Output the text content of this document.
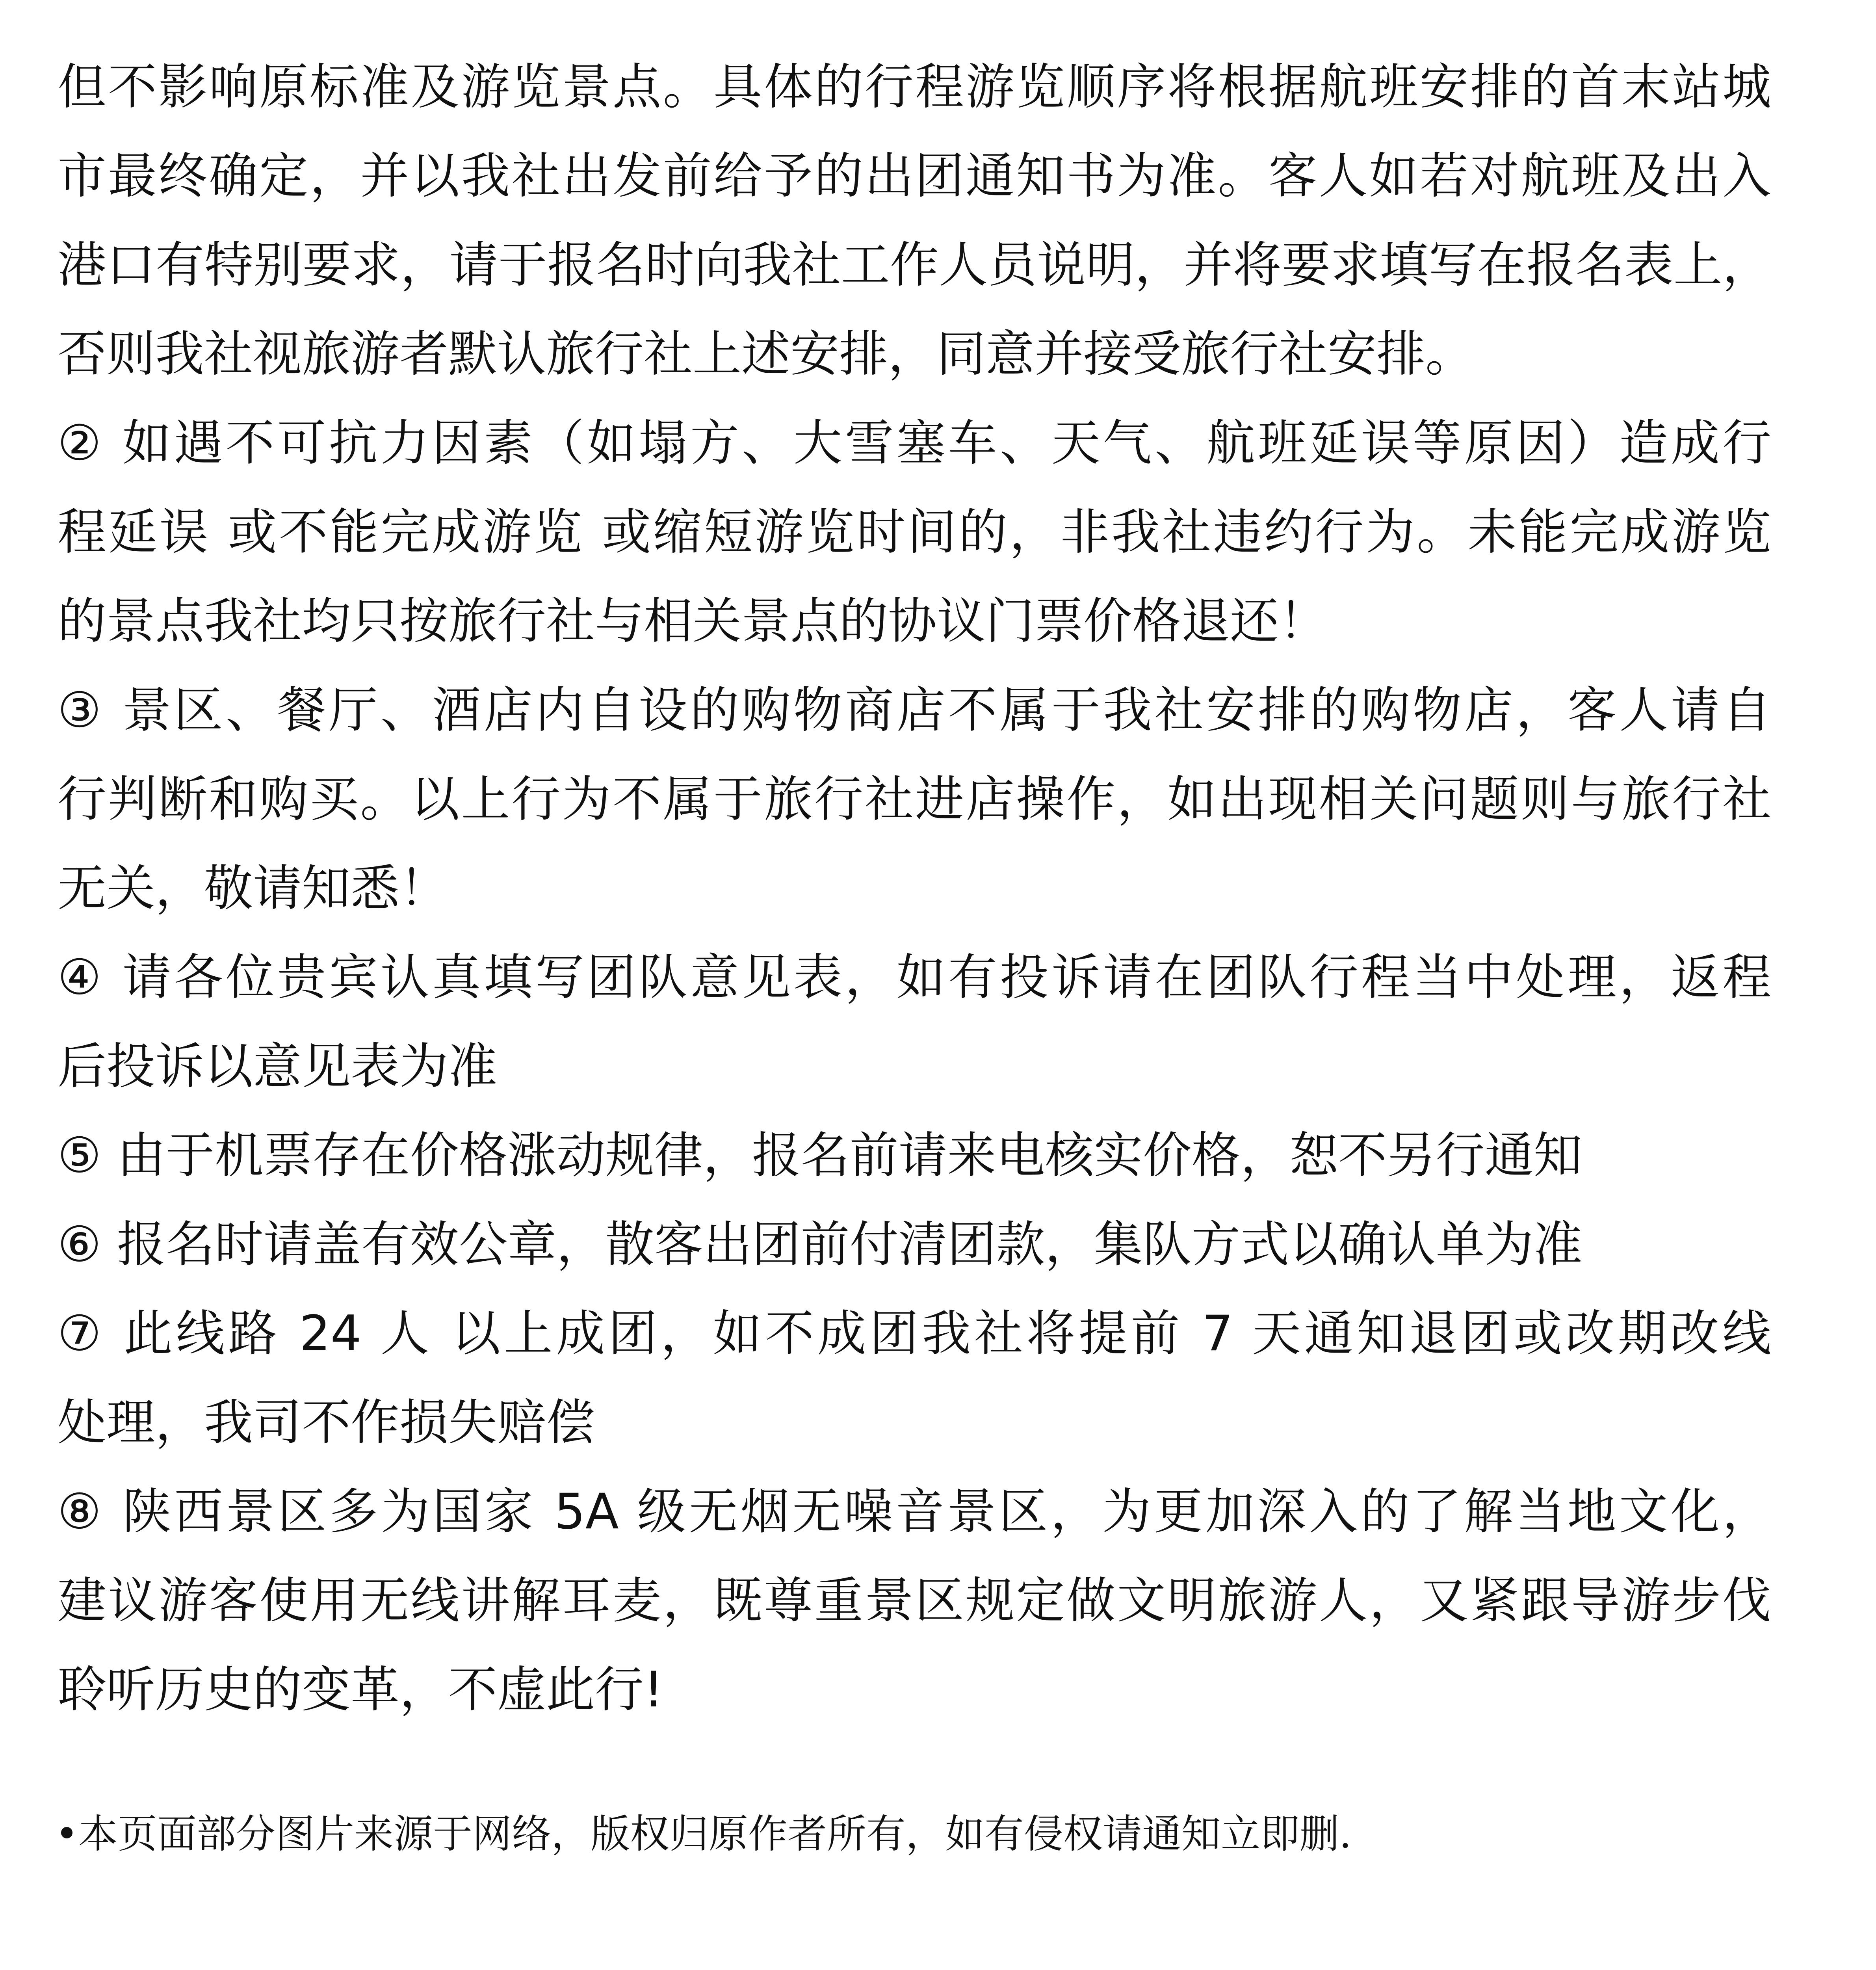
但不影响原标准及游览景点。具体的行程游览顺序将根据航班安排的首末站城
市最终确定，并以我社出发前给予的出团通知书为准。客人如若对航班及出入
港口有特别要求，请于报名时向我社工作人员说明，并将要求填写在报名表上，
否则我社视旅游者默认旅行社上述安排，同意并接受旅行社安排。
② 如遇不可抗力因素（如塌方、大雪塞车、天气、航班延误等原因）造成行
程延误 或不能完成游览 或缩短游览时间的，非我社违约行为。未能完成游览
的景点我社均只按旅行社与相关景点的协议门票价格退还！
③ 景区、餐厅、酒店内自设的购物商店不属于我社安排的购物店，客人请自
行判断和购买。以上行为不属于旅行社进店操作，如出现相关问题则与旅行社
无关，敬请知悉！
④ 请各位贵宾认真填写团队意见表，如有投诉请在团队行程当中处理，返程
后投诉以意见表为准
⑤ 由于机票存在价格涨动规律，报名前请来电核实价格，恕不另行通知
⑥ 报名时请盖有效公章，散客出团前付清团款，集队方式以确认单为准
⑦ 此线路 24 人 以上成团，如不成团我社将提前 7 天通知退团或改期改线
处理，我司不作损失赔偿
⑧ 陕西景区多为国家 5A 级无烟无噪音景区，为更加深入的了解当地文化，
建议游客使用无线讲解耳麦，既尊重景区规定做文明旅游人，又紧跟导游步伐
聆听历史的变革，不虚此行!

•本页面部分图片来源于网络，版权归原作者所有，如有侵权请通知立即删.
